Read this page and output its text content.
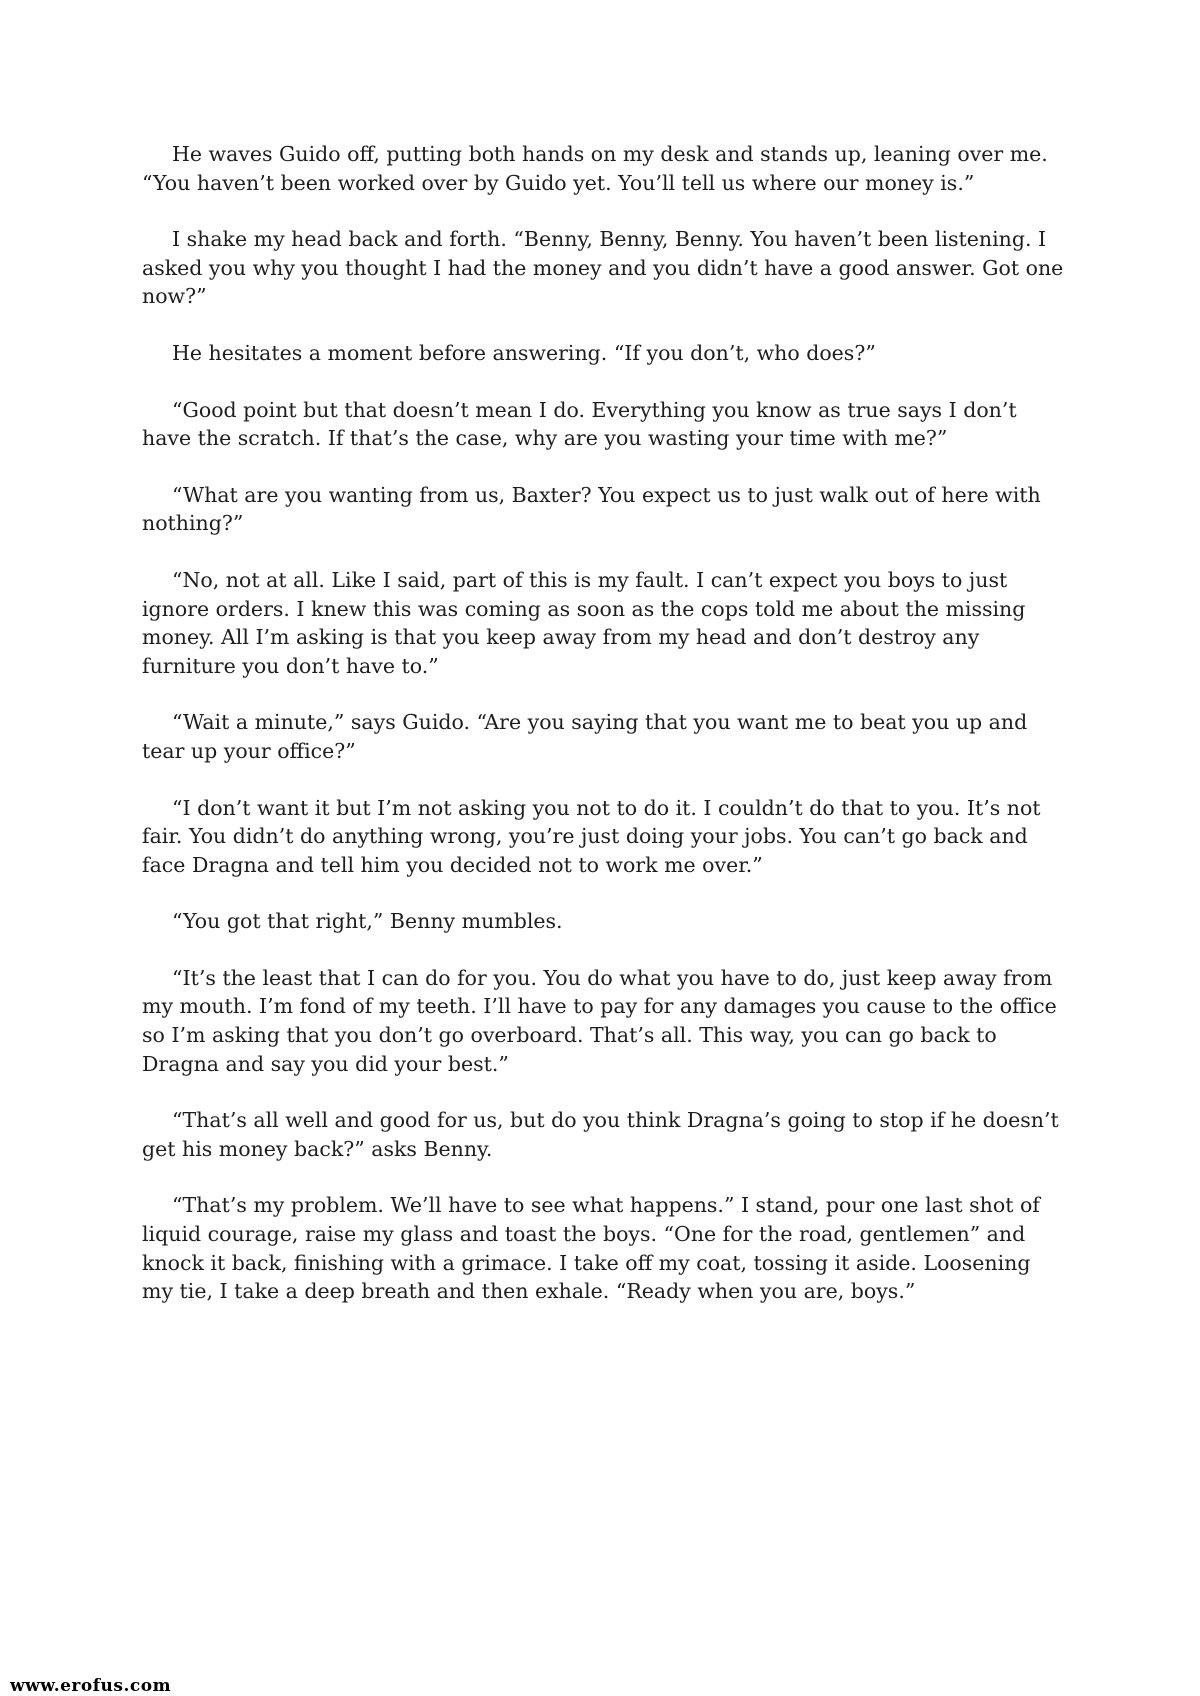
He waves Guido off, putting both hands on my desk and stands up, leaning over me. “You haven’t been worked over by Guido yet. You’ll tell us where our money is.”

I shake my head back and forth. “Benny, Benny, Benny. You haven’t been listening. I asked you why you thought I had the money and you didn’t have a good answer. Got one now?”

He hesitates a moment before answering. “If you don’t, who does?”

“Good point but that doesn’t mean I do. Everything you know as true says I don’t have the scratch. If that’s the case, why are you wasting your time with me?”

“What are you wanting from us, Baxter? You expect us to just walk out of here with nothing?”

“No, not at all. Like I said, part of this is my fault. I can’t expect you boys to just ignore orders. I knew this was coming as soon as the cops told me about the missing money. All I’m asking is that you keep away from my head and don’t destroy any furniture you don’t have to.”

“Wait a minute,” says Guido. “Are you saying that you want me to beat you up and tear up your office?”

“I don’t want it but I’m not asking you not to do it. I couldn’t do that to you. It’s not fair. You didn’t do anything wrong, you’re just doing your jobs. You can’t go back and face Dragna and tell him you decided not to work me over.”

“You got that right,” Benny mumbles.

“It’s the least that I can do for you. You do what you have to do, just keep away from my mouth. I’m fond of my teeth. I’ll have to pay for any damages you cause to the office so I’m asking that you don’t go overboard. That’s all. This way, you can go back to Dragna and say you did your best.”

“That’s all well and good for us, but do you think Dragna’s going to stop if he doesn’t get his money back?” asks Benny.

“That’s my problem. We’ll have to see what happens.” I stand, pour one last shot of liquid courage, raise my glass and toast the boys. “One for the road, gentlemen” and knock it back, finishing with a grimace. I take off my coat, tossing it aside. Loosening my tie, I take a deep breath and then exhale. “Ready when you are, boys.”

www.erofus.com
